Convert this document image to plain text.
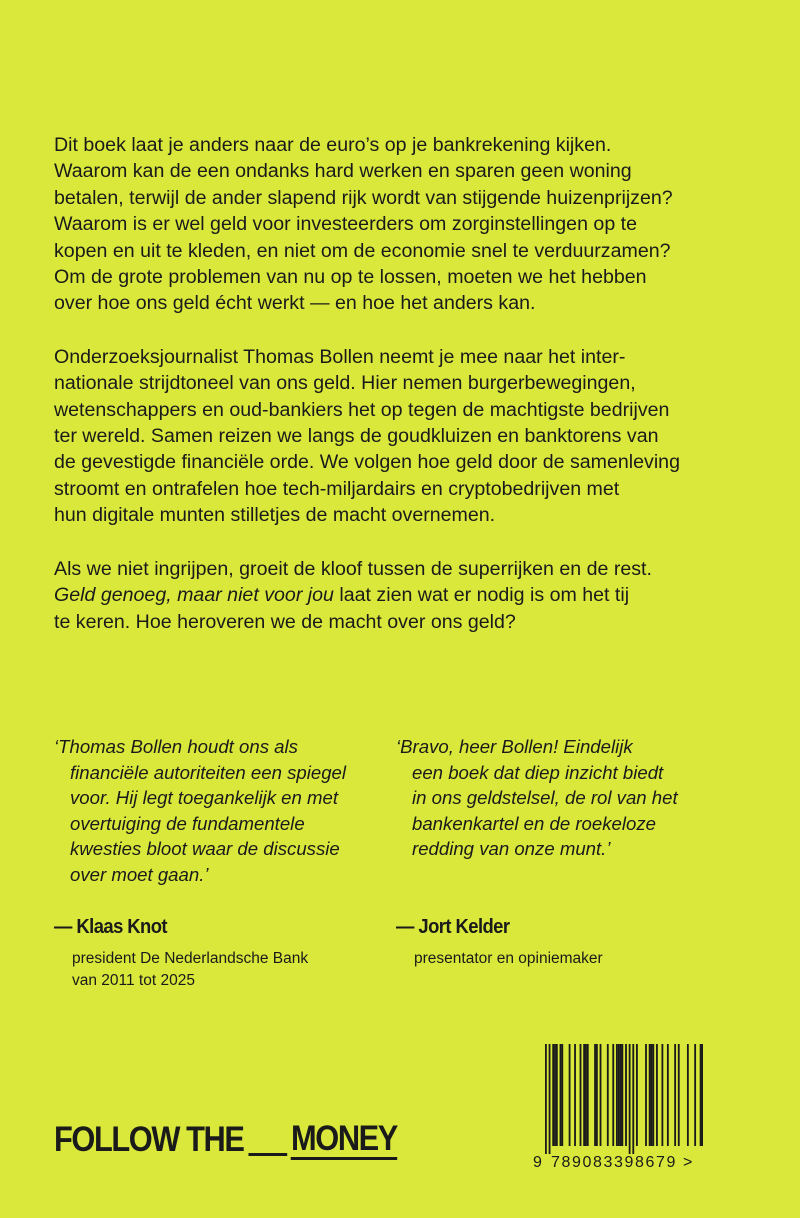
Dit boek laat je anders naar de euro’s op je bankrekening kijken.
Waarom kan de een ondanks hard werken en sparen geen woning
betalen, terwijl de ander slapend rijk wordt van stijgende huizenprijzen?
Waarom is er wel geld voor investeerders om zorginstellingen op te
kopen en uit te kleden, en niet om de economie snel te verduurzamen?
Om de grote problemen van nu op te lossen, moeten we het hebben
over hoe ons geld écht werkt — en hoe het anders kan.

Onderzoeksjournalist Thomas Bollen neemt je mee naar het inter-
nationale strijdtoneel van ons geld. Hier nemen burgerbewegingen,
wetenschappers en oud-bankiers het op tegen de machtigste bedrijven
ter wereld. Samen reizen we langs de goudkluizen en banktorens van
de gevestigde financiële orde. We volgen hoe geld door de samenleving
stroomt en ontrafelen hoe tech-miljardairs en cryptobedrijven met
hun digitale munten stilletjes de macht overnemen.

Als we niet ingrijpen, groeit de kloof tussen de superrijken en de rest.
Geld genoeg, maar niet voor jou laat zien wat er nodig is om het tij
te keren. Hoe heroveren we de macht over ons geld?

‘Thomas Bollen houdt ons als
financiële autoriteiten een spiegel
voor. Hij legt toegankelijk en met
overtuiging de fundamentele
kwesties bloot waar de discussie
over moet gaan.’
— Klaas Knot
president De Nederlandsche Bank
van 2011 tot 2025
‘Bravo, heer Bollen! Eindelijk
een boek dat diep inzicht biedt
in ons geldstelsel, de rol van het
bankenkartel en de roekeloze
redding van onze munt.’
— Jort Kelder
presentator en opiniemaker
FOLLOW THE MONEY
9 789083398679 >
